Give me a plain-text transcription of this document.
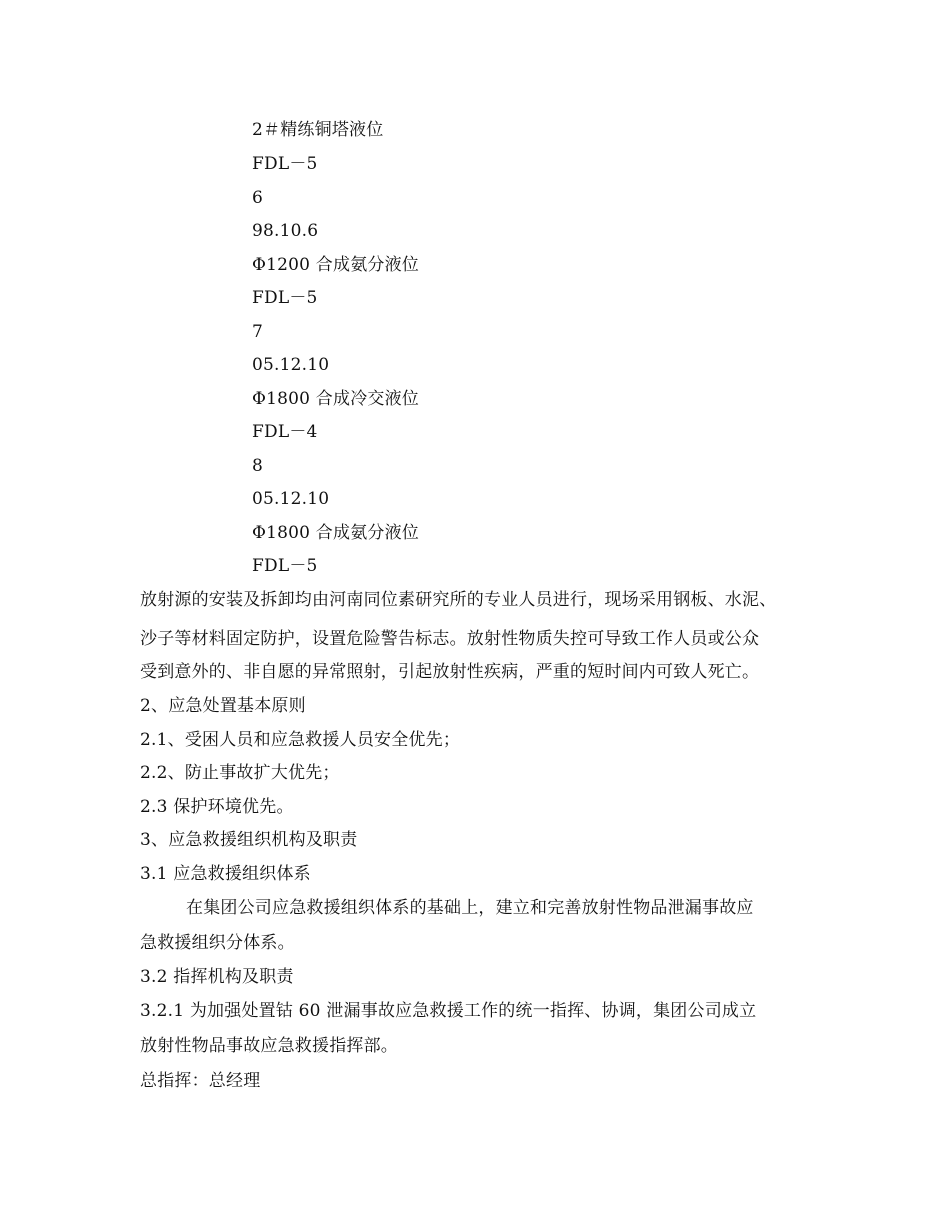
2＃精练铜塔液位
FDL－5
6
98.10.6
Φ1200 合成氨分液位
FDL－5
7
05.12.10
Φ1800 合成冷交液位
FDL－4
8
05.12.10
Φ1800 合成氨分液位
FDL－5
放射源的安装及拆卸均由河南同位素研究所的专业人员进行，现场采用钢板、水泥、
沙子等材料固定防护，设置危险警告标志。放射性物质失控可导致工作人员或公众
受到意外的、非自愿的异常照射，引起放射性疾病，严重的短时间内可致人死亡。
2、应急处置基本原则
2.1、受困人员和应急救援人员安全优先；
2.2、防止事故扩大优先；
2.3 保护环境优先。
3、应急救援组织机构及职责
3.1 应急救援组织体系
在集团公司应急救援组织体系的基础上，建立和完善放射性物品泄漏事故应
急救援组织分体系。
3.2 指挥机构及职责
3.2.1 为加强处置钴 60 泄漏事故应急救援工作的统一指挥、协调，集团公司成立
放射性物品事故应急救援指挥部。
总指挥：总经理
